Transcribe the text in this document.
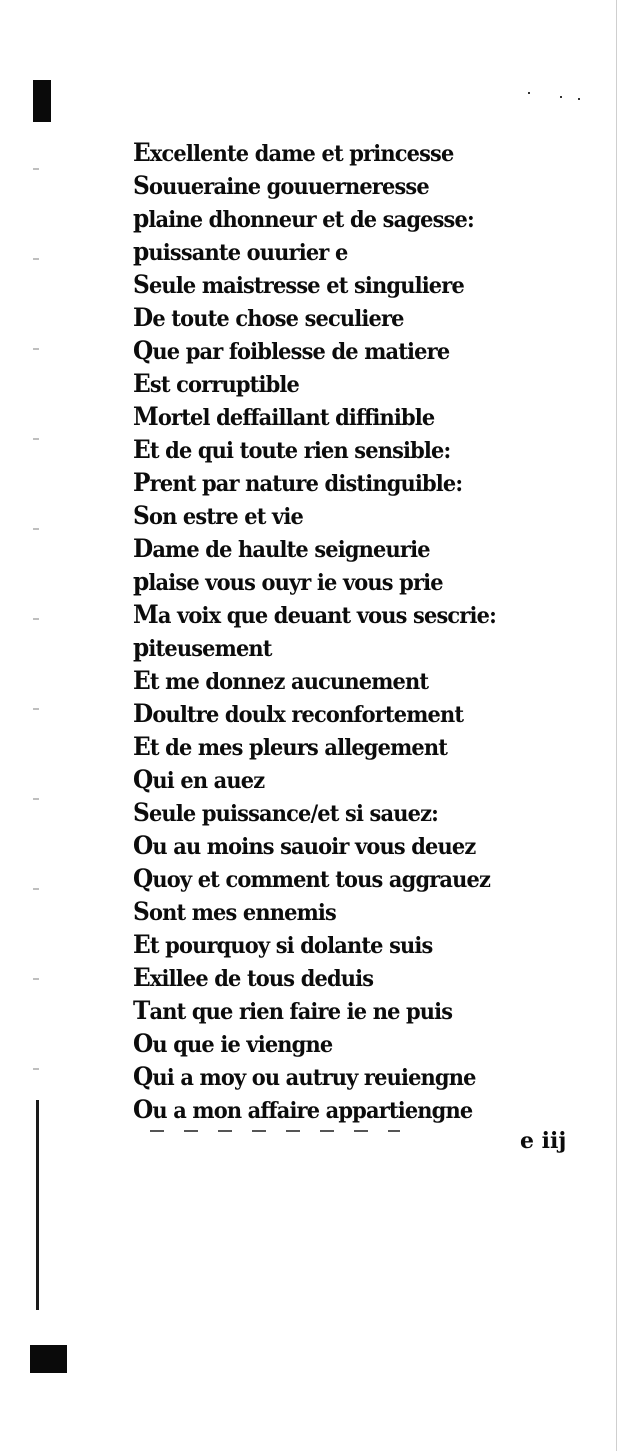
Excellente dame et princesse
Souueraine gouuerneresse
plaine dhonneur et de sagesse:
puissante ouurier e
Seule maistresse et singuliere
De toute chose seculiere
Que par foiblesse de matiere
Est corruptible
Mortel deffaillant diffinible
Et de qui toute rien sensible:
Prent par nature distinguible:
Son estre et vie
Dame de haulte seigneurie
plaise vous ouyr ie vous prie
Ma voix que deuant vous sescrie:
piteusement
Et me donnez aucunement
Doultre doulx reconfortement
Et de mes pleurs allegement
Qui en auez
Seule puissance/et si sauez:
Ou au moins sauoir vous deuez
Quoy et comment tous aggrauez
Sont mes ennemis
Et pourquoy si dolante suis
Exillee de tous deduis
Tant que rien faire ie ne puis
Ou que ie viengne
Qui a moy ou autruy reuiengne
Ou a mon affaire appartiengne
e iij
